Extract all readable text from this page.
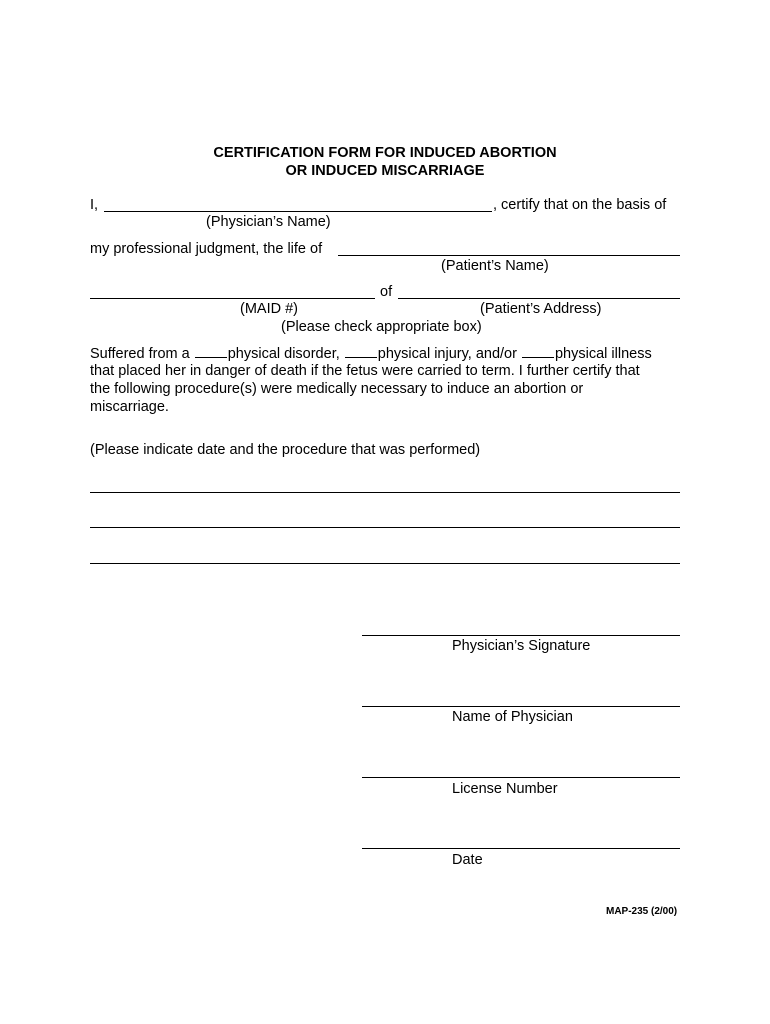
CERTIFICATION FORM FOR INDUCED ABORTION
OR INDUCED MISCARRIAGE
I,	, certify that on the basis of
(Physician’s Name)
my professional judgment, the life of
(Patient’s Name)
of
(MAID #)	(Patient’s Address)
(Please check appropriate box)
Suffered from a	physical disorder,	physical injury, and/or	physical illness
that placed her in danger of death if the fetus were carried to term. I further certify that
the following procedure(s) were medically necessary to induce an abortion or
miscarriage.
(Please indicate date and the procedure that was performed)
Physician’s Signature
Name of Physician
License Number
Date
MAP-235 (2/00)
